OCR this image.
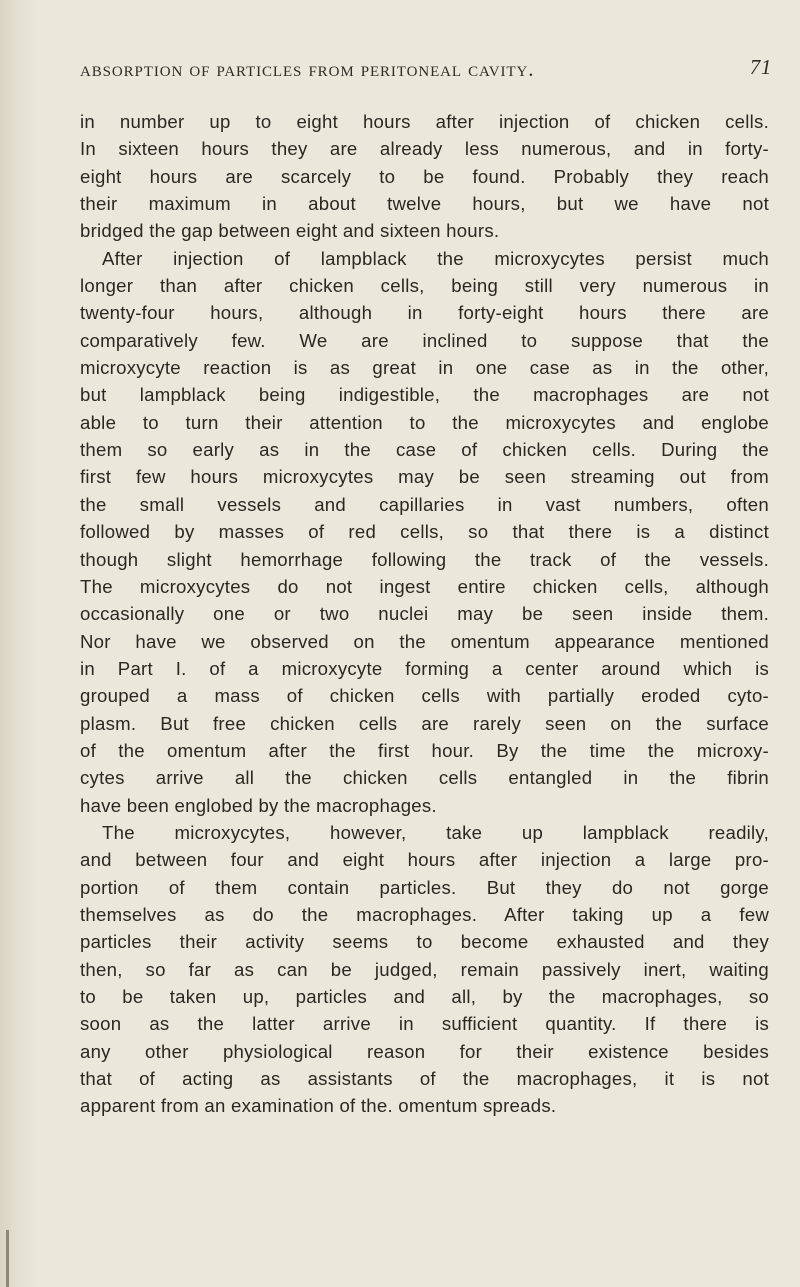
absorption of particles from peritoneal cavity.	71
in number up to eight hours after injection of chicken cells.
In sixteen hours they are already less numerous, and in forty-
eight hours are scarcely to be found. Probably they reach
their maximum in about twelve hours, but we have not
bridged the gap between eight and sixteen hours.
After injection of lampblack the microxycytes persist much
longer than after chicken cells, being still very numerous in
twenty-four hours, although in forty-eight hours there are
comparatively few. We are inclined to suppose that the
microxycyte reaction is as great in one case as in the other,
but lampblack being indigestible, the macrophages are not
able to turn their attention to the microxycytes and englobe
them so early as in the case of chicken cells. During the
first few hours microxycytes may be seen streaming out from
the small vessels and capillaries in vast numbers, often
followed by masses of red cells, so that there is a distinct
though slight hemorrhage following the track of the vessels.
The microxycytes do not ingest entire chicken cells, although
occasionally one or two nuclei may be seen inside them.
Nor have we observed on the omentum appearance mentioned
in Part I. of a microxycyte forming a center around which is
grouped a mass of chicken cells with partially eroded cyto-
plasm. But free chicken cells are rarely seen on the surface
of the omentum after the first hour. By the time the microxy-
cytes arrive all the chicken cells entangled in the fibrin
have been englobed by the macrophages.
The microxycytes, however, take up lampblack readily,
and between four and eight hours after injection a large pro-
portion of them contain particles. But they do not gorge
themselves as do the macrophages. After taking up a few
particles their activity seems to become exhausted and they
then, so far as can be judged, remain passively inert, waiting
to be taken up, particles and all, by the macrophages, so
soon as the latter arrive in sufficient quantity. If there is
any other physiological reason for their existence besides
that of acting as assistants of the macrophages, it is not
apparent from an examination of the. omentum spreads.
